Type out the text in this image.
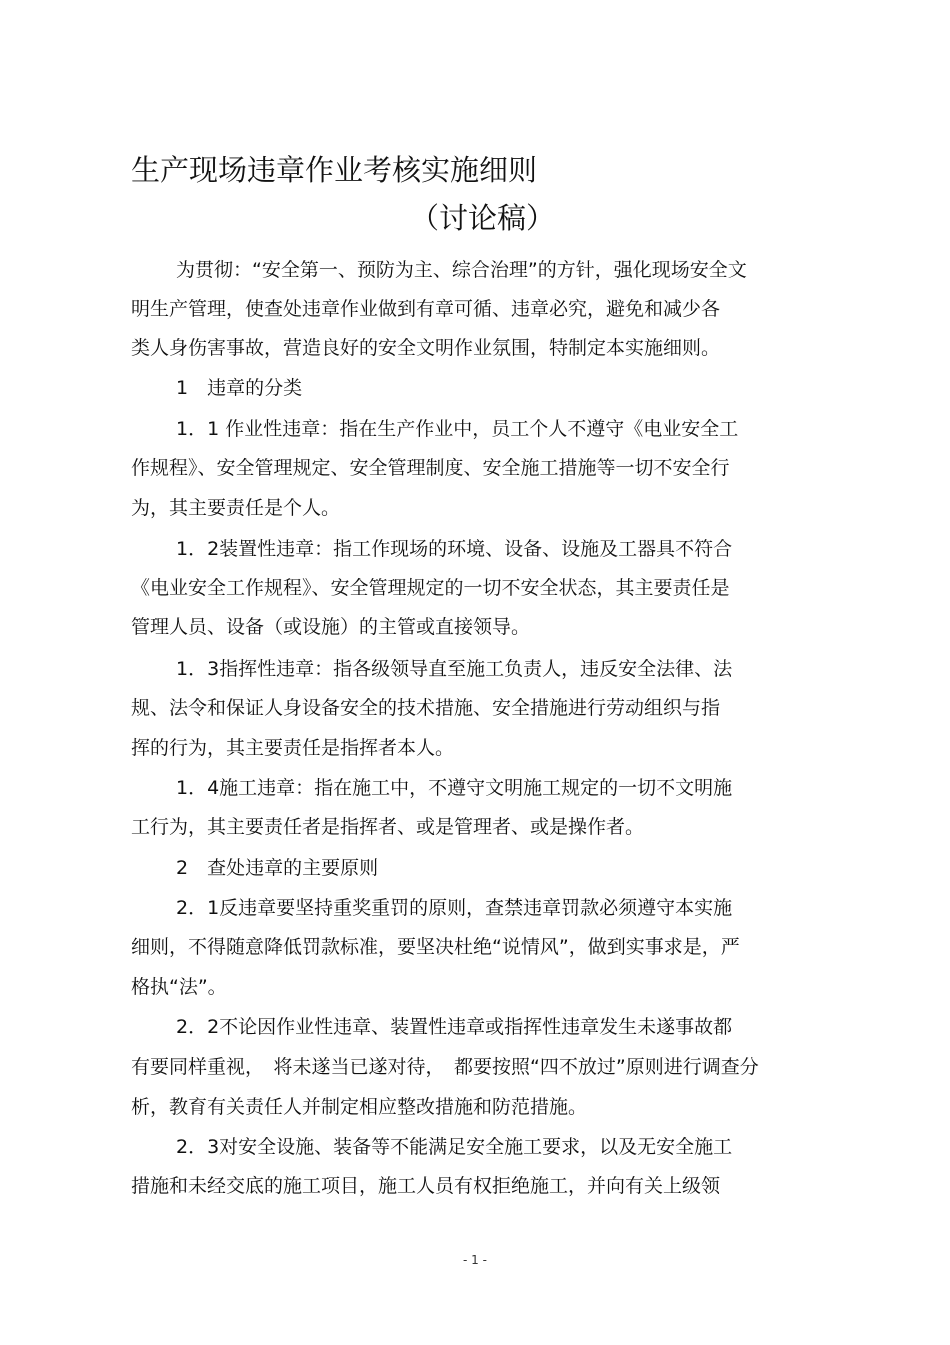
生产现场违章作业考核实施细则
（讨论稿）

为贯彻：“安全第一、预防为主、综合治理”的方针，强化现场安全文

明生产管理，使查处违章作业做到有章可循、违章必究，避免和减少各

类人身伤害事故，营造良好的安全文明作业氛围，特制定本实施细则。

1　违章的分类

1．1 作业性违章：指在生产作业中，员工个人不遵守《电业安全工

作规程》、安全管理规定、安全管理制度、安全施工措施等一切不安全行

为，其主要责任是个人。

1．2装置性违章：指工作现场的环境、设备、设施及工器具不符合

《电业安全工作规程》、安全管理规定的一切不安全状态，其主要责任是

管理人员、设备（或设施）的主管或直接领导。

1．3指挥性违章：指各级领导直至施工负责人，违反安全法律、法

规、法令和保证人身设备安全的技术措施、安全措施进行劳动组织与指

挥的行为，其主要责任是指挥者本人。

1．4施工违章：指在施工中，不遵守文明施工规定的一切不文明施

工行为，其主要责任者是指挥者、或是管理者、或是操作者。

2　查处违章的主要原则

2．1反违章要坚持重奖重罚的原则，查禁违章罚款必须遵守本实施

细则，不得随意降低罚款标准，要坚决杜绝“说情风”，做到实事求是，严

格执“法”。

2．2不论因作业性违章、装置性违章或指挥性违章发生未遂事故都

有要同样重视，　将未遂当已遂对待，　都要按照“四不放过”原则进行调查分

析，教育有关责任人并制定相应整改措施和防范措施。

2．3对安全设施、装备等不能满足安全施工要求，以及无安全施工

措施和未经交底的施工项目，施工人员有权拒绝施工，并向有关上级领

- 1 -
